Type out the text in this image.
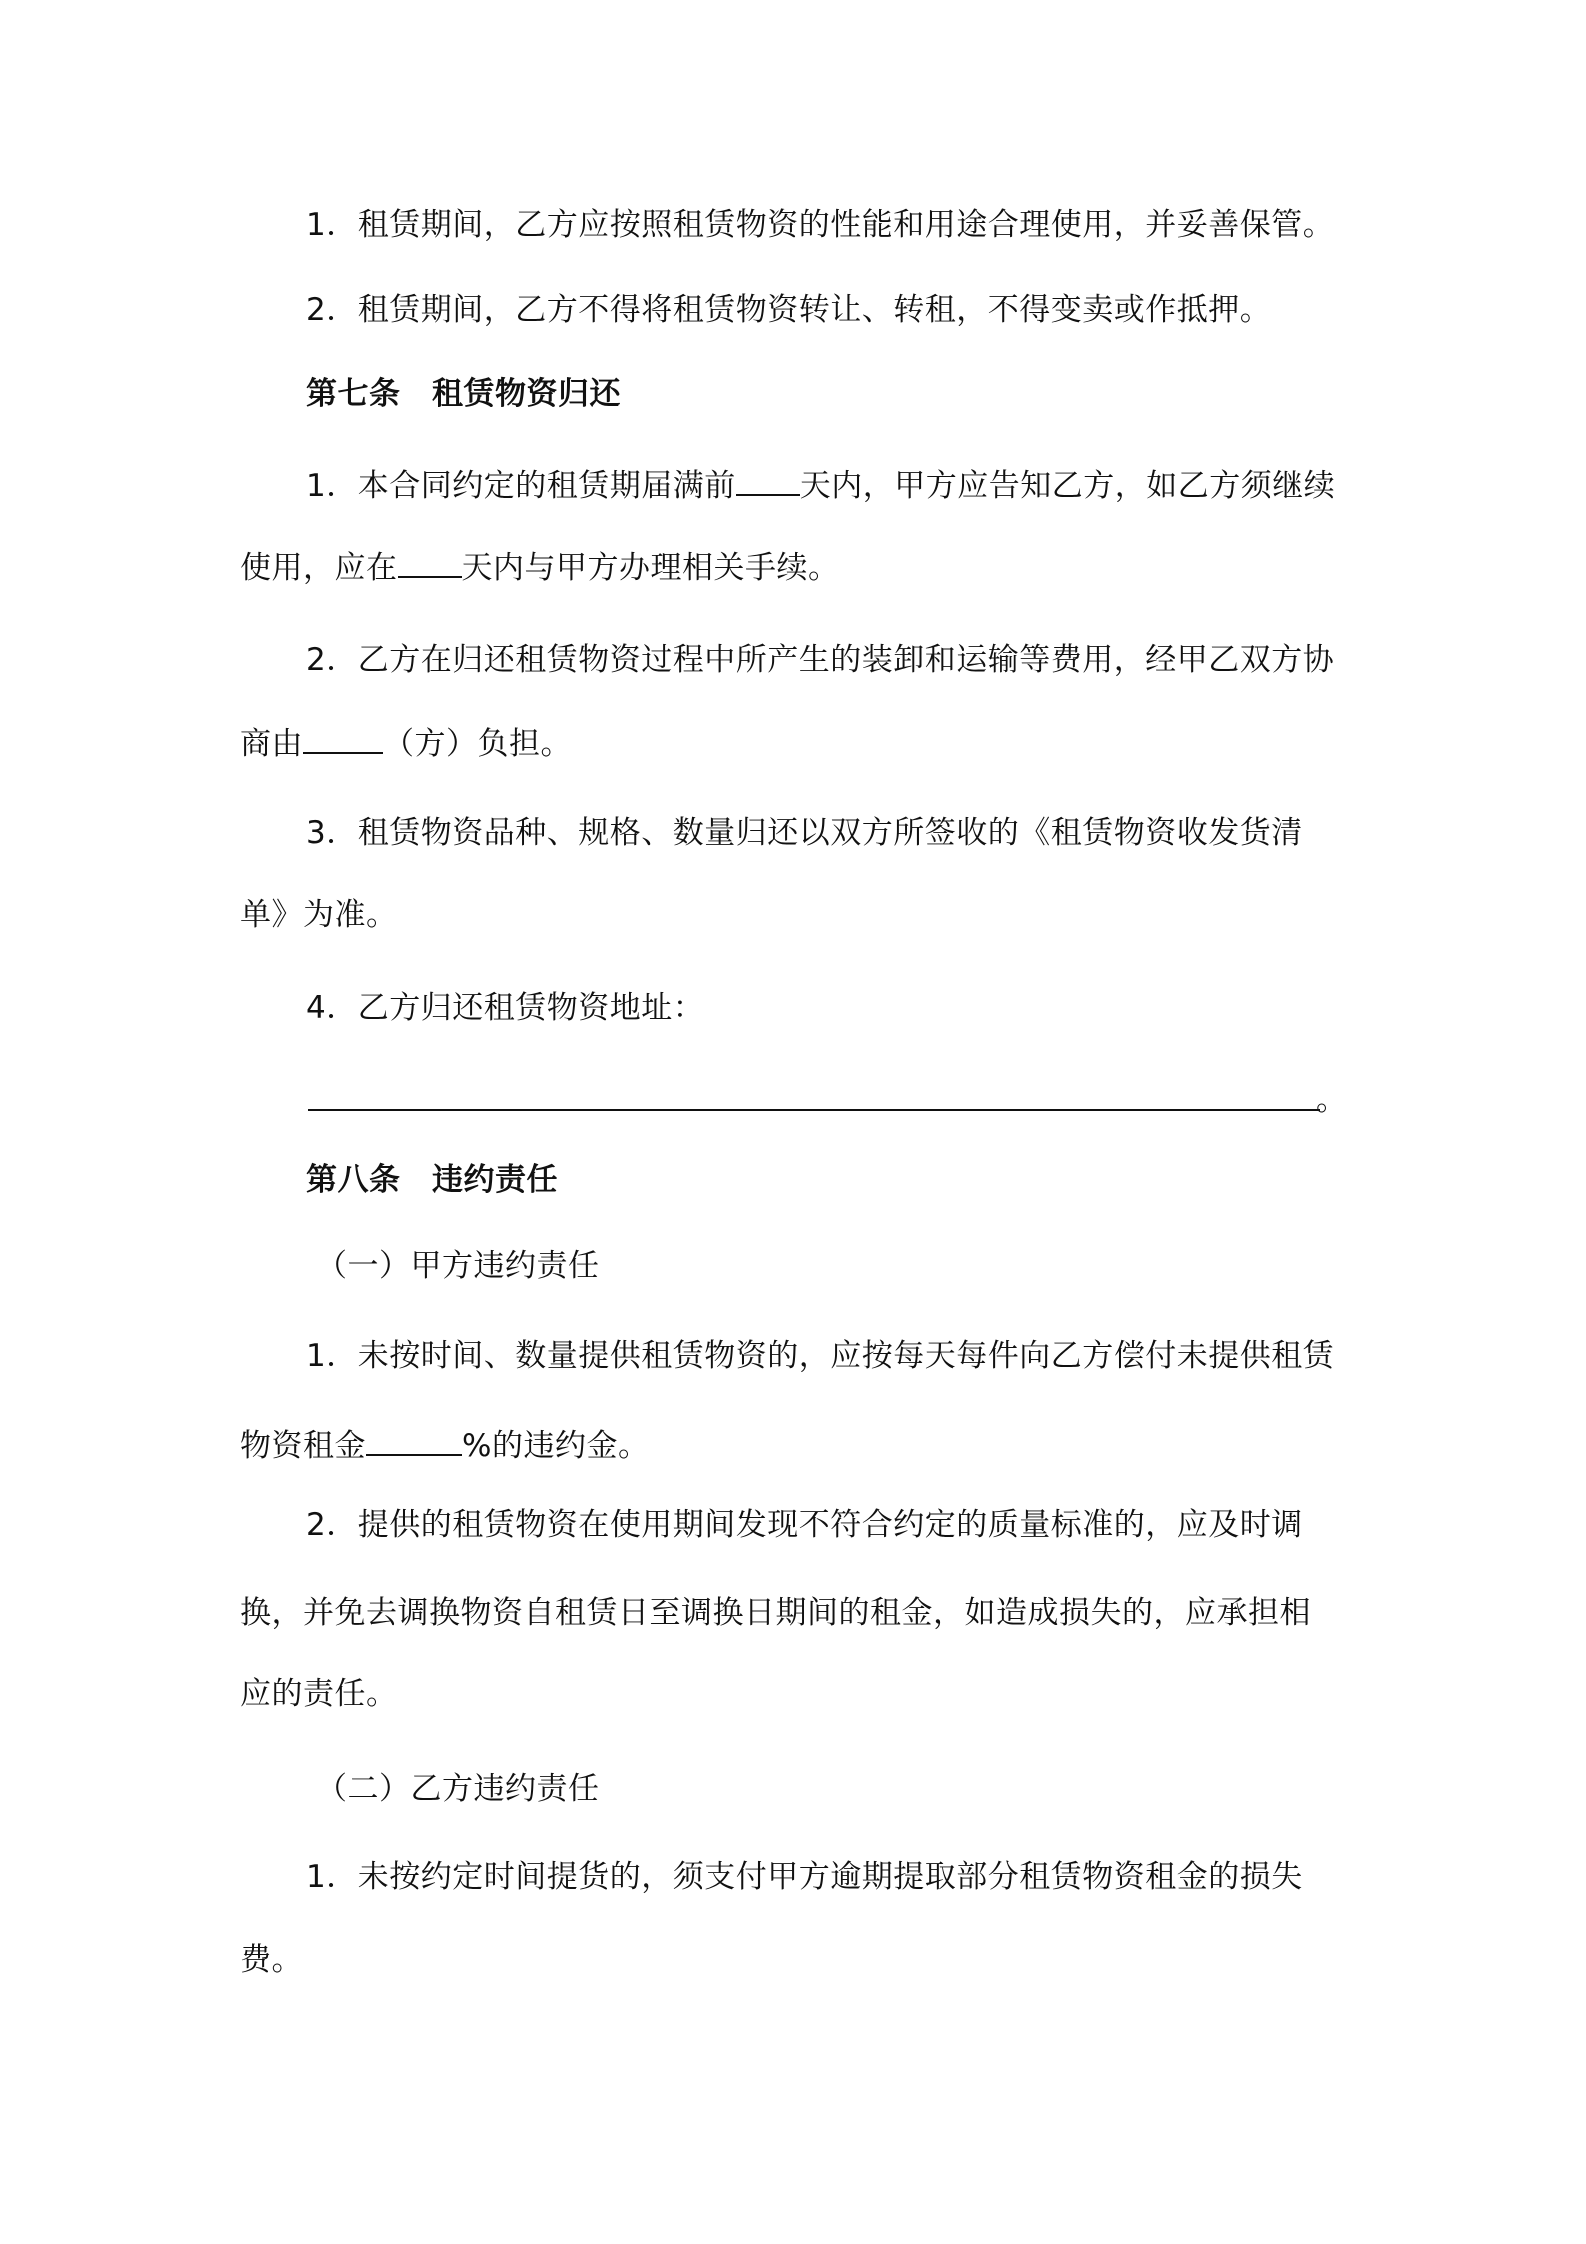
1．租赁期间，乙方应按照租赁物资的性能和用途合理使用，并妥善保管。
2．租赁期间，乙方不得将租赁物资转让、转租，不得变卖或作抵押。
第七条　租赁物资归还
1．本合同约定的租赁期届满前 天内，甲方应告知乙方，如乙方须继续
使用，应在 天内与甲方办理相关手续。
2．乙方在归还租赁物资过程中所产生的装卸和运输等费用，经甲乙双方协
商由	（方）负担。
3．租赁物资品种、规格、数量归还以双方所签收的《租赁物资收发货清
单》为准。
4．乙方归还租赁物资地址：
。
第八条　违约责任
（一）甲方违约责任
1．未按时间、数量提供租赁物资的，应按每天每件向乙方偿付未提供租赁
物资租金	%的违约金。
2．提供的租赁物资在使用期间发现不符合约定的质量标准的，应及时调
换，并免去调换物资自租赁日至调换日期间的租金，如造成损失的，应承担相
应的责任。
（二）乙方违约责任
1．未按约定时间提货的，须支付甲方逾期提取部分租赁物资租金的损失
费。
